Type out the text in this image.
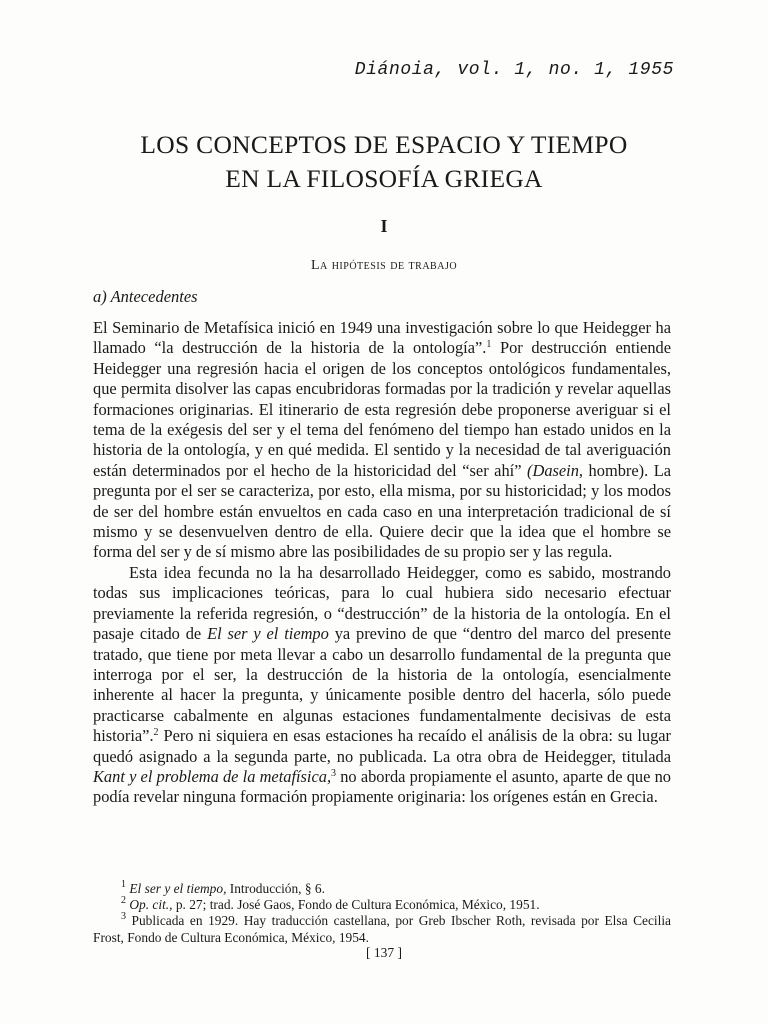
Diánoia, vol. 1, no. 1, 1955
LOS CONCEPTOS DE ESPACIO Y TIEMPO
EN LA FILOSOFÍA GRIEGA
I
La hipótesis de trabajo
a) Antecedentes

El Seminario de Metafísica inició en 1949 una investigación sobre lo que Heidegger ha llamado “la destrucción de la historia de la ontología”.$^1$ Por destrucción entiende Heidegger una regresión hacia el origen de los conceptos ontológicos fundamentales, que permita disolver las capas encubridoras formadas por la tradición y revelar aquellas formaciones originarias. El itinerario de esta regresión debe proponerse averiguar si el tema de la exégesis del ser y el tema del fenómeno del tiempo han estado unidos en la historia de la ontología, y en qué medida. El sentido y la necesidad de tal averiguación están determinados por el hecho de la historicidad del “ser ahí” (Dasein, hombre). La pregunta por el ser se caracteriza, por esto, ella misma, por su historicidad; y los modos de ser del hombre están envueltos en cada caso en una interpretación tradicional de sí mismo y se desenvuelven dentro de ella. Quiere decir que la idea que el hombre se forma del ser y de sí mismo abre las posibilidades de su propio ser y las regula.

Esta idea fecunda no la ha desarrollado Heidegger, como es sabido, mostrando todas sus implicaciones teóricas, para lo cual hubiera sido necesario efectuar previamente la referida regresión, o “destrucción” de la historia de la ontología. En el pasaje citado de El ser y el tiempo ya previno de que “dentro del marco del presente tratado, que tiene por meta llevar a cabo un desarrollo fundamental de la pregunta que interroga por el ser, la destrucción de la historia de la ontología, esencialmente inherente al hacer la pregunta, y únicamente posible dentro del hacerla, sólo puede practicarse cabalmente en algunas estaciones fundamentalmente decisivas de esta historia”.$^2$ Pero ni siquiera en esas estaciones ha recaído el análisis de la obra: su lugar quedó asignado a la segunda parte, no publicada. La otra obra de Heidegger, titulada Kant y el problema de la metafísica,$^3$ no aborda propiamente el asunto, aparte de que no podía revelar ninguna formación propiamente originaria: los orígenes están en Grecia.

$^1$ El ser y el tiempo, Introducción, § 6.
$^2$ Op. cit., p. 27; trad. José Gaos, Fondo de Cultura Económica, México, 1951.
$^3$ Publicada en 1929. Hay traducción castellana, por Greb Ibscher Roth, revisada por Elsa Cecilia Frost, Fondo de Cultura Económica, México, 1954.
[ 137 ]
